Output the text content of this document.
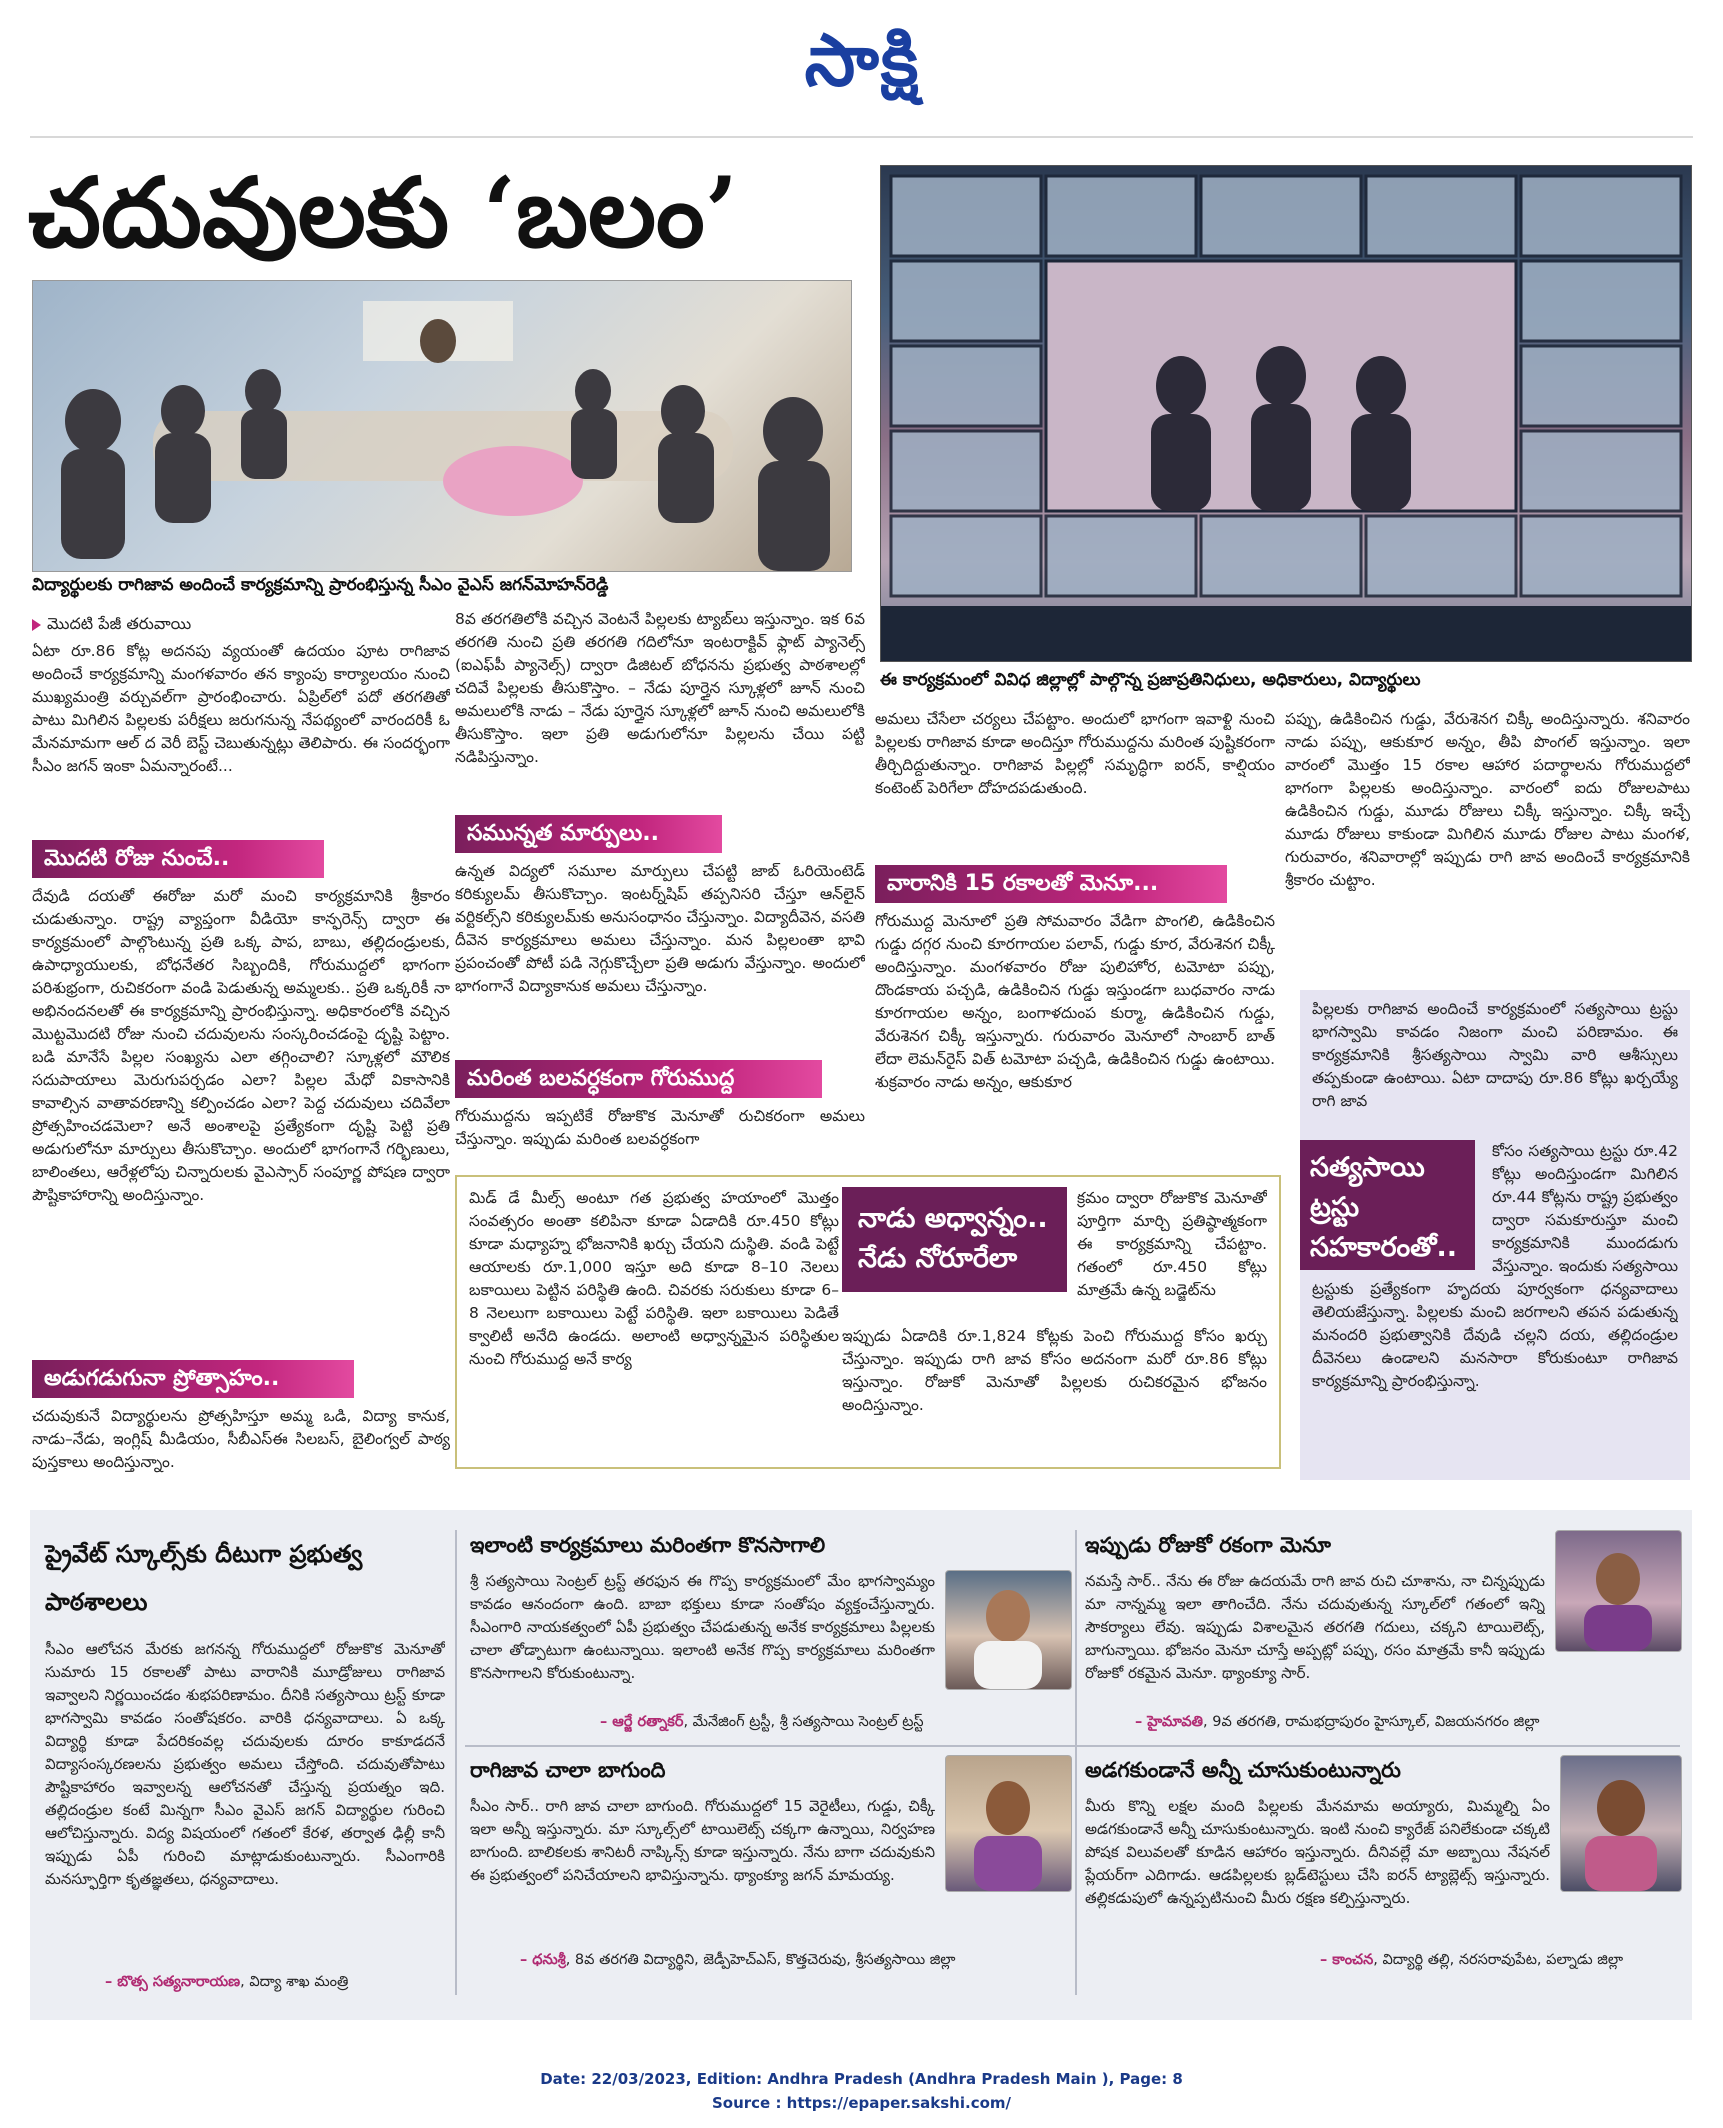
సాక్షి
చదువులకు ‘బలం’
విద్యార్థులకు రాగిజావ అందించే కార్యక్రమాన్ని ప్రారంభిస్తున్న సీఎం వైఎస్ జగన్‌మోహన్‌రెడ్డి
ఈ కార్యక్రమంలో వివిధ జిల్లాల్లో పాల్గొన్న ప్రజాప్రతినిధులు, అధికారులు, విద్యార్థులు
మొదటి పేజీ తరువాయి
ఏటా రూ.86 కోట్ల అదనపు వ్యయంతో ఉదయం పూట రాగిజావ అందించే కార్యక్రమాన్ని మంగళవారం తన క్యాంపు కార్యాలయం నుంచి ముఖ్యమంత్రి వర్చువల్‌గా ప్రారంభించారు. ఏప్రిల్‌లో పదో తరగతితో పాటు మిగిలిన పిల్లలకు పరీక్షలు జరుగనున్న నేపథ్యంలో వారందరికీ ఓ మేనమామగా ఆల్ ద వెరీ బెస్ట్ చెబుతున్నట్లు తెలిపారు. ఈ సందర్భంగా సీఎం జగన్ ఇంకా ఏమన్నారంటే...
మొదటి రోజు నుంచే..
దేవుడి దయతో ఈరోజు మరో మంచి కార్యక్రమానికి శ్రీకారం చుడుతున్నాం. రాష్ట్ర వ్యాప్తంగా వీడియో కాన్ఫరెన్స్ ద్వారా ఈ కార్యక్రమంలో పాల్గొంటున్న ప్రతి ఒక్క పాప, బాబు, తల్లిదండ్రులకు, ఉపాధ్యాయులకు, బోధనేతర సిబ్బందికి, గోరుముద్దలో భాగంగా పరిశుభ్రంగా, రుచికరంగా వండి పెడుతున్న అమ్మలకు.. ప్రతి ఒక్కరికీ నా అభినందనలతో ఈ కార్యక్రమాన్ని ప్రారంభిస్తున్నా. అధికారంలోకి వచ్చిన మొట్టమొదటి రోజు నుంచి చదువులను సంస్కరించడంపై దృష్టి పెట్టాం. బడి మానేసే పిల్లల సంఖ్యను ఎలా తగ్గించాలి? స్కూళ్లలో మౌలిక సదుపాయాలు మెరుగుపర్చడం ఎలా? పిల్లల మేధో వికాసానికి కావాల్సిన వాతావరణాన్ని కల్పించడం ఎలా? పెద్ద చదువులు చదివేలా ప్రోత్సహించడమెలా? అనే అంశాలపై ప్రత్యేకంగా దృష్టి పెట్టి ప్రతి అడుగులోనూ మార్పులు తీసుకొచ్చాం. అందులో భాగంగానే గర్భిణులు, బాలింతలు, ఆరేళ్లలోపు చిన్నారులకు వైఎస్సార్ సంపూర్ణ పోషణ ద్వారా పౌష్టికాహారాన్ని అందిస్తున్నాం.
అడుగడుగునా ప్రోత్సాహం..
చదువుకునే విద్యార్థులను ప్రోత్సహిస్తూ అమ్మ ఒడి, విద్యా కానుక, నాడు–నేడు, ఇంగ్లిష్ మీడియం, సీబీఎస్‌ఈ సిలబస్, బైలింగ్వల్ పాఠ్య పుస్తకాలు అందిస్తున్నాం.
8వ తరగతిలోకి వచ్చిన వెంటనే పిల్లలకు ట్యాబ్‌లు ఇస్తున్నాం. ఇక 6వ తరగతి నుంచి ప్రతి తరగతి గదిలోనూ ఇంటరాక్టివ్ ఫ్లాట్ ప్యానెల్స్ (ఐఎఫ్‌పీ ప్యానెల్స్) ద్వారా డిజిటల్ బోధనను ప్రభుత్వ పాఠశాలల్లో చదివే పిల్లలకు తీసుకొస్తాం. – నేడు పూర్తైన స్కూళ్లలో జూన్ నుంచి అమలులోకి నాడు – నేడు పూర్తైన స్కూళ్లలో జూన్ నుంచి అమలులోకి తీసుకొస్తాం. ఇలా ప్రతి అడుగులోనూ పిల్లలను చేయి పట్టి నడిపిస్తున్నాం.
సమున్నత మార్పులు..
ఉన్నత విద్యలో సమూల మార్పులు చేపట్టి జాబ్ ఓరియెంటెడ్ కరిక్యులమ్ తీసుకొచ్చాం. ఇంటర్న్‌షిప్ తప్పనిసరి చేస్తూ ఆన్‌లైన్ వర్టికల్స్‌ని కరిక్యులమ్‌కు అనుసంధానం చేస్తున్నాం. విద్యాదీవెన, వసతి దీవెన కార్యక్రమాలు అమలు చేస్తున్నాం. మన పిల్లలంతా భావి ప్రపంచంతో పోటీ పడి నెగ్గుకొచ్చేలా ప్రతి అడుగు వేస్తున్నాం. అందులో భాగంగానే విద్యాకానుక అమలు చేస్తున్నాం.
మరింత బలవర్ధకంగా గోరుముద్ద
గోరుముద్దను ఇప్పటికే రోజుకొక మెనూతో రుచికరంగా అమలు చేస్తున్నాం. ఇప్పుడు మరింత బలవర్ధకంగా
అమలు చేసేలా చర్యలు చేపట్టాం. అందులో భాగంగా ఇవాళ్టి నుంచి పిల్లలకు రాగిజావ కూడా అందిస్తూ గోరుముద్దను మరింత పుష్టికరంగా తీర్చిదిద్దుతున్నాం. రాగిజావ పిల్లల్లో సమృద్ధిగా ఐరన్, కాల్షియం కంటెంట్ పెరిగేలా దోహదపడుతుంది.
వారానికి 15 రకాలతో మెనూ...
గోరుముద్ద మెనూలో ప్రతి సోమవారం వేడిగా పొంగలి, ఉడికించిన గుడ్డు దగ్గర నుంచి కూరగాయల పలావ్, గుడ్డు కూర, వేరుశెనగ చిక్కీ అందిస్తున్నాం. మంగళవారం రోజు పులిహోర, టమోటా పప్పు, దొండకాయ పచ్చడి, ఉడికించిన గుడ్డు ఇస్తుండగా బుధవారం నాడు కూరగాయల అన్నం, బంగాళదుంప కుర్మా, ఉడికించిన గుడ్డు, వేరుశెనగ చిక్కీ ఇస్తున్నారు. గురువారం మెనూలో సాంబార్ బాత్ లేదా లెమన్‌రైస్ విత్ టమోటా పచ్చడి, ఉడికించిన గుడ్డు ఉంటాయి. శుక్రవారం నాడు అన్నం, ఆకుకూర
పప్పు, ఉడికించిన గుడ్డు, వేరుశెనగ చిక్కీ అందిస్తున్నారు. శనివారం నాడు పప్పు, ఆకుకూర అన్నం, తీపి పొంగల్ ఇస్తున్నాం. ఇలా వారంలో మొత్తం 15 రకాల ఆహార పదార్థాలను గోరుముద్దలో భాగంగా పిల్లలకు అందిస్తున్నాం. వారంలో ఐదు రోజులపాటు ఉడికించిన గుడ్డు, మూడు రోజులు చిక్కీ ఇస్తున్నాం. చిక్కీ ఇచ్చే మూడు రోజులు కాకుండా మిగిలిన మూడు రోజుల పాటు మంగళ, గురువారం, శనివారాల్లో ఇప్పుడు రాగి జావ అందించే కార్యక్రమానికి శ్రీకారం చుట్టాం.
పిల్లలకు రాగిజావ అందించే కార్యక్రమంలో సత్యసాయి ట్రస్టు భాగస్వామి కావడం నిజంగా మంచి పరిణామం. ఈ కార్యక్రమానికి శ్రీసత్యసాయి స్వామి వారి ఆశీస్సులు తప్పకుండా ఉంటాయి. ఏటా దాదాపు రూ.86 కోట్లు ఖర్చయ్యే రాగి జావ
సత్యసాయి ట్రస్టు సహకారంతో..
కోసం సత్యసాయి ట్రస్టు రూ.42 కోట్లు అందిస్తుండగా మిగిలిన రూ.44 కోట్లను రాష్ట్ర ప్రభుత్వం ద్వారా సమకూరుస్తూ మంచి కార్యక్రమానికి ముందడుగు వేస్తున్నాం. ఇందుకు సత్యసాయి ట్రస్టుకు ప్రత్యేకంగా హృదయ పూర్వకంగా ధన్యవాదాలు తెలియజేస్తున్నా. పిల్లలకు మంచి జరగాలని తపన పడుతున్న మనందరి ప్రభుత్వానికి దేవుడి చల్లని దయ, తల్లిదండ్రుల దీవెనలు ఉండాలని మనసారా కోరుకుంటూ రాగిజావ కార్యక్రమాన్ని ప్రారంభిస్తున్నా.
మిడ్ డే మీల్స్ అంటూ గత ప్రభుత్వ హయాంలో మొత్తం సంవత్సరం అంతా కలిపినా కూడా ఏడాదికి రూ.450 కోట్లు కూడా మధ్యాహ్న భోజనానికి ఖర్చు చేయని దుస్థితి. వండి పెట్టే ఆయాలకు రూ.1,000 ఇస్తూ అది కూడా 8–10 నెలలు బకాయిలు పెట్టిన పరిస్థితి ఉంది. చివరకు సరుకులు కూడా 6–8 నెలలుగా బకాయిలు పెట్టే పరిస్థితి. ఇలా బకాయిలు పెడితే క్వాలిటీ అనేది ఉండదు. అలాంటి అధ్వాన్నమైన పరిస్థితుల నుంచి గోరుముద్ద అనే కార్య
నాడు అధ్వాన్నం.. నేడు నోరూరేలా
క్రమం ద్వారా రోజుకొక మెనూతో పూర్తిగా మార్చి ప్రతిష్ఠాత్మకంగా ఈ కార్యక్రమాన్ని చేపట్టాం. గతంలో రూ.450 కోట్లు మాత్రమే ఉన్న బడ్జెట్‌ను
ఇప్పుడు ఏడాదికి రూ.1,824 కోట్లకు పెంచి గోరుముద్ద కోసం ఖర్చు చేస్తున్నాం. ఇప్పుడు రాగి జావ కోసం అదనంగా మరో రూ.86 కోట్లు ఇస్తున్నాం. రోజుకో మెనూతో పిల్లలకు రుచికరమైన భోజనం అందిస్తున్నాం.
ప్రైవేట్ స్కూల్స్‌కు దీటుగా ప్రభుత్వ పాఠశాలలు
సీఎం ఆలోచన మేరకు జగనన్న గోరుముద్దలో రోజుకొక మెనూతో సుమారు 15 రకాలతో పాటు వారానికి మూడ్రోజులు రాగిజావ ఇవ్వాలని నిర్ణయించడం శుభపరిణామం. దీనికి సత్యసాయి ట్రస్ట్ కూడా భాగస్వామి కావడం సంతోషకరం. వారికి ధన్యవాదాలు. ఏ ఒక్క విద్యార్థి కూడా పేదరికంవల్ల చదువులకు దూరం కాకూడదనే విద్యాసంస్కరణలను ప్రభుత్వం అమలు చేస్తోంది. చదువుతోపాటు పౌష్టికాహారం ఇవ్వాలన్న ఆలోచనతో చేస్తున్న ప్రయత్నం ఇది. తల్లిదండ్రుల కంటే మిన్నగా సీఎం వైఎస్ జగన్ విద్యార్థుల గురించి ఆలోచిస్తున్నారు. విద్య విషయంలో గతంలో కేరళ, తర్వాత ఢిల్లీ కానీ ఇప్పుడు ఏపీ గురించి మాట్లాడుకుంటున్నారు. సీఎంగారికి మనస్ఫూర్తిగా కృతజ్ఞతలు, ధన్యవాదాలు.
– బొత్స సత్యనారాయణ, విద్యా శాఖ మంత్రి
ఇలాంటి కార్యక్రమాలు మరింతగా కొనసాగాలి
శ్రీ సత్యసాయి సెంట్రల్ ట్రస్ట్ తరఫున ఈ గొప్ప కార్యక్రమంలో మేం భాగస్వామ్యం కావడం ఆనందంగా ఉంది. బాబా భక్తులు కూడా సంతోషం వ్యక్తంచేస్తున్నారు. సీఎంగారి నాయకత్వంలో ఏపీ ప్రభుత్వం చేపడుతున్న అనేక కార్యక్రమాలు పిల్లలకు చాలా తోడ్పాటుగా ఉంటున్నాయి. ఇలాంటి అనేక గొప్ప కార్యక్రమాలు మరింతగా కొనసాగాలని కోరుకుంటున్నా.
– ఆర్జే రత్నాకర్, మేనేజింగ్ ట్రస్టీ, శ్రీ సత్యసాయి సెంట్రల్ ట్రస్ట్
ఇప్పుడు రోజుకో రకంగా మెనూ
నమస్తే సార్.. నేను ఈ రోజు ఉదయమే రాగి జావ రుచి చూశాను, నా చిన్నప్పుడు మా నాన్నమ్మ ఇలా తాగించేది. నేను చదువుతున్న స్కూల్‌లో గతంలో ఇన్ని సౌకర్యాలు లేవు. ఇప్పుడు విశాలమైన తరగతి గదులు, చక్కని టాయిలెట్స్, బాగున్నాయి. భోజనం మెనూ చూస్తే అప్పట్లో పప్పు, రసం మాత్రమే కానీ ఇప్పుడు రోజుకో రకమైన మెనూ. థ్యాంక్యూ సార్.
– హైమావతి, 9వ తరగతి, రామభద్రాపురం హైస్కూల్, విజయనగరం జిల్లా
రాగిజావ చాలా బాగుంది
సీఎం సార్.. రాగి జావ చాలా బాగుంది. గోరుముద్దలో 15 వెరైటీలు, గుడ్డు, చిక్కీ ఇలా అన్నీ ఇస్తున్నారు. మా స్కూల్స్‌లో టాయిలెట్స్ చక్కగా ఉన్నాయి, నిర్వహణ బాగుంది. బాలికలకు శానిటరీ నాప్కిన్స్ కూడా ఇస్తున్నారు. నేను బాగా చదువుకుని ఈ ప్రభుత్వంలో పనిచేయాలని భావిస్తున్నాను. థ్యాంక్యూ జగన్ మామయ్య.
– ధనుశ్రీ, 8వ తరగతి విద్యార్థిని, జెడ్పీహెచ్‌ఎస్, కొత్తచెరువు, శ్రీసత్యసాయి జిల్లా
అడగకుండానే అన్నీ చూసుకుంటున్నారు
మీరు కొన్ని లక్షల మంది పిల్లలకు మేనమామ అయ్యారు, మిమ్మల్ని ఏం అడగకుండానే అన్నీ చూసుకుంటున్నారు. ఇంటి నుంచి క్యారేజ్ పనిలేకుండా చక్కటి పోషక విలువలతో కూడిన ఆహారం ఇస్తున్నారు. దీనివల్లే మా అబ్బాయి నేషనల్ ప్లేయర్‌గా ఎదిగాడు. ఆడపిల్లలకు బ్లడ్‌టెస్టులు చేసి ఐరన్ ట్యాబ్లెట్స్ ఇస్తున్నారు. తల్లికడుపులో ఉన్నప్పటినుంచి మీరు రక్షణ కల్పిస్తున్నారు.
– కాంచన, విద్యార్థి తల్లి, నరసరావుపేట, పల్నాడు జిల్లా
Date: 22/03/2023, Edition: Andhra Pradesh (Andhra Pradesh Main ), Page: 8
Source : https://epaper.sakshi.com/
